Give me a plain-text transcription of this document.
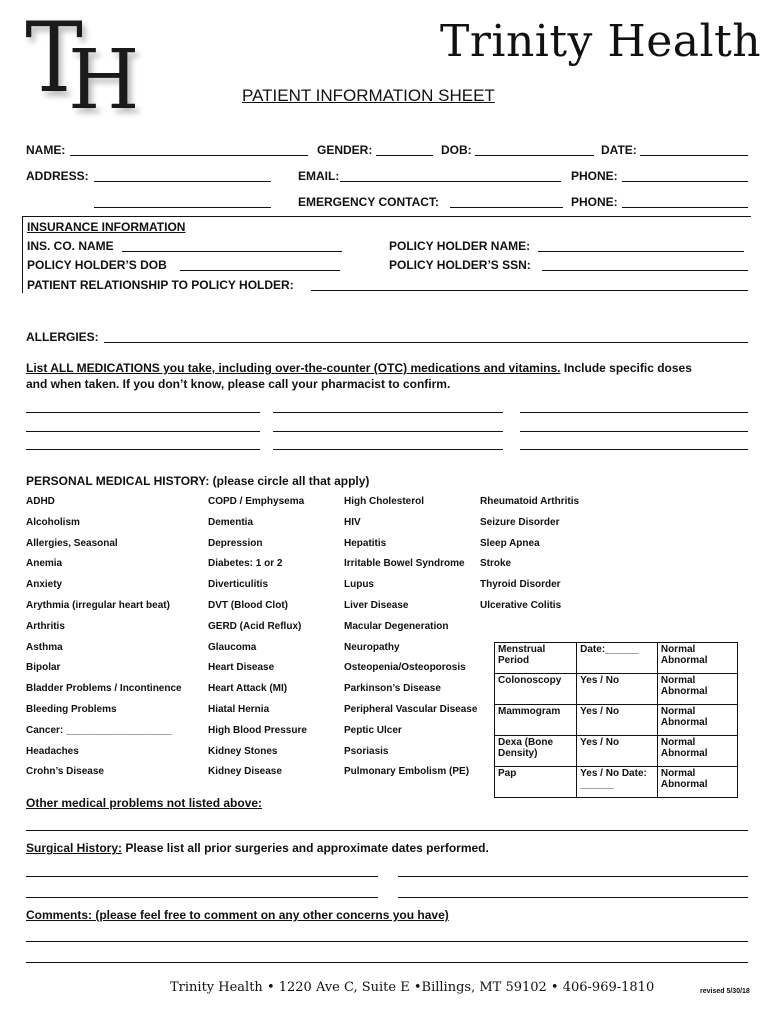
T
H	Trinity Health
PATIENT INFORMATION SHEET
NAME:	GENDER:	DOB:	DATE:
ADDRESS:	EMAIL:	PHONE:
EMERGENCY CONTACT:	PHONE:
INSURANCE INFORMATION
INS. CO. NAME	POLICY HOLDER NAME:
POLICY HOLDER’S DOB	POLICY HOLDER’S SSN:
PATIENT RELATIONSHIP TO POLICY HOLDER:
ALLERGIES:
List ALL MEDICATIONS you take, including over-the-counter (OTC) medications and vitamins. Include specific doses
and when taken. If you don’t know, please call your pharmacist to confirm.
PERSONAL MEDICAL HISTORY: (please circle all that apply)
ADHD
Alcoholism
Allergies, Seasonal
Anemia
Anxiety
Arythmia (irregular heart beat)
Arthritis
Asthma
Bipolar
Bladder Problems / Incontinence
Bleeding Problems
Cancer: ___________________
Headaches
Crohn’s Disease
COPD / Emphysema
Dementia
Depression
Diabetes: 1 or 2
Diverticulitis
DVT (Blood Clot)
GERD (Acid Reflux)
Glaucoma
Heart Disease
Heart Attack (MI)
Hiatal Hernia
High Blood Pressure
Kidney Stones
Kidney Disease
High Cholesterol
HIV
Hepatitis
Irritable Bowel Syndrome
Lupus
Liver Disease
Macular Degeneration
Neuropathy
Osteopenia/Osteoporosis
Parkinson’s Disease
Peripheral Vascular Disease
Peptic Ulcer
Psoriasis
Pulmonary Embolism (PE)
Rheumatoid Arthritis
Seizure Disorder
Sleep Apnea
Stroke
Thyroid Disorder
Ulcerative Colitis
Menstrual Period	Date:______	Normal Abnormal
Colonoscopy	Yes / No	Normal Abnormal
Mammogram	Yes / No	Normal Abnormal
Dexa (Bone Density)	Yes / No	Normal Abnormal
Pap	Yes / No Date: ______	Normal Abnormal
Other medical problems not listed above:
Surgical History: Please list all prior surgeries and approximate dates performed.
Comments: (please feel free to comment on any other concerns you have)
Trinity Health • 1220 Ave C, Suite E •Billings, MT 59102 • 406-969-1810	revised 5/30/18
